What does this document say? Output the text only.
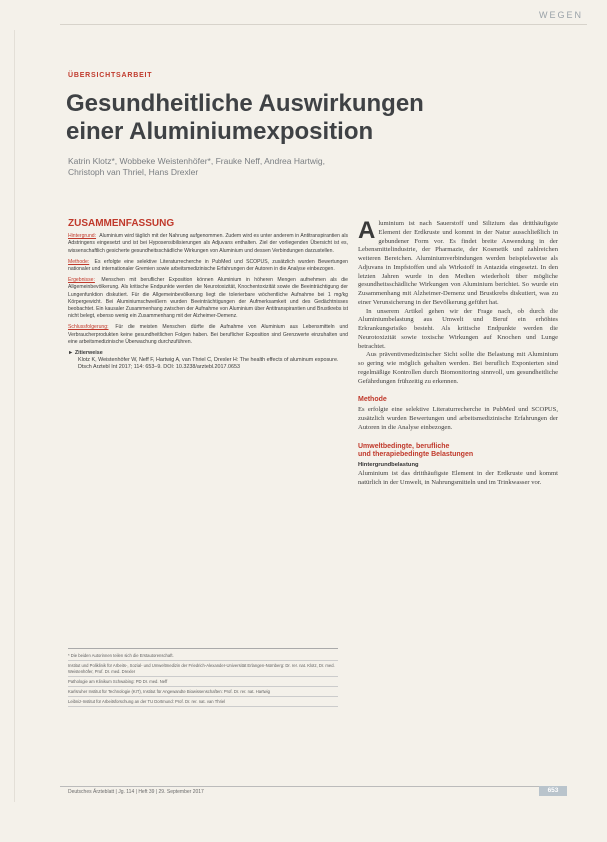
WEGEN
ÜBERSICHTSARBEIT
Gesundheitliche Auswirkungen
einer Aluminiumexposition
Katrin Klotz*, Wobbeke Weistenhöfer*, Frauke Neff, Andrea Hartwig,
Christoph van Thriel, Hans Drexler
ZUSAMMENFASSUNG

Hintergrund: Aluminium wird täglich mit der Nahrung aufgenommen. Zudem wird es unter anderem in Antitranspirantien als Adstringens eingesetzt und ist bei Hyposensibilisierungen als Adjuvans enthalten. Ziel der vorliegenden Übersicht ist es, wissenschaftlich gesicherte gesundheitsschädliche Wirkungen von Aluminium und dessen Verbindungen darzustellen.

Methode: Es erfolgte eine selektive Literaturrecherche in PubMed und SCOPUS, zusätzlich wurden Bewertungen nationaler und internationaler Gremien sowie arbeitsmedizinische Erfahrungen der Autoren in die Analyse einbezogen.

Ergebnisse: Menschen mit beruflicher Exposition können Aluminium in höheren Mengen aufnehmen als die Allgemeinbevölkerung. Als kritische Endpunkte werden die Neurotoxizität, Knochentoxizität sowie die Beeinträchtigung der Lungenfunktion diskutiert. Für die Allgemeinbevölkerung liegt die tolerierbare wöchentliche Aufnahme bei 1 mg/kg Körpergewicht. Bei Aluminiumschweißern wurden Beeinträchtigungen der Aufmerksamkeit und des Gedächtnisses beobachtet. Ein kausaler Zusammenhang zwischen der Aufnahme von Aluminium über Antitranspirantien und Brustkrebs ist nicht belegt, ebenso wenig ein Zusammenhang mit der Alzheimer-Demenz.

Schlussfolgerung: Für die meisten Menschen dürfte die Aufnahme von Aluminium aus Lebensmitteln und Verbraucherprodukten keine gesundheitlichen Folgen haben. Bei beruflicher Exposition sind Grenzwerte einzuhalten und eine arbeitsmedizinische Überwachung durchzuführen.

► Zitierweise
Klotz K, Weistenhöfer W, Neff F, Hartwig A, van Thriel C, Drexler H: The health effects of aluminum exposure. Dtsch Arztebl Int 2017; 114: 653–9. DOI: 10.3238/arztebl.2017.0653
* Die beiden Autorinnen teilen sich die Erstautorenschaft.
Institut und Poliklinik für Arbeits-, Sozial- und Umweltmedizin der Friedrich-Alexander-Universität Erlangen-Nürnberg: Dr. rer. nat. Klotz, Dr. med. Weistenhöfer, Prof. Dr. med. Drexler
Pathologie am Klinikum Schwabing: PD Dr. med. Neff
Karlsruher Institut für Technologie (KIT), Institut für Angewandte Biowissenschaften: Prof. Dr. rer. nat. Hartwig
Leibniz-Institut für Arbeitsforschung an der TU Dortmund: Prof. Dr. rer. nat. van Thriel

A luminium ist nach Sauerstoff und Silizium das dritthäufigste Element der Erdkruste und kommt in der Natur ausschließlich in gebundener Form vor. Es findet breite Anwendung in der Lebensmittelindustrie, der Pharmazie, der Kosmetik und zahlreichen weiteren Bereichen. Aluminiumverbindungen werden beispielsweise als Adjuvans in Impfstoffen und als Wirkstoff in Antazida eingesetzt. In den letzten Jahren wurde in den Medien wiederholt über mögliche gesundheitsschädliche Wirkungen von Aluminium berichtet. So wurde ein Zusammenhang mit Alzheimer-Demenz und Brustkrebs diskutiert, was zu einer Verunsicherung in der Bevölkerung geführt hat.

In unserem Artikel gehen wir der Frage nach, ob durch die Aluminiumbelastung aus Umwelt und Beruf ein erhöhtes Erkrankungsrisiko besteht. Als kritische Endpunkte werden die Neurotoxizität sowie toxische Wirkungen auf Knochen und Lunge betrachtet.

Aus präventivmedizinischer Sicht sollte die Belastung mit Aluminium so gering wie möglich gehalten werden. Bei beruflich Exponierten sind regelmäßige Kontrollen durch Biomonitoring sinnvoll, um gesundheitliche Gefährdungen frühzeitig zu erkennen.

Methode

Es erfolgte eine selektive Literaturrecherche in PubMed und SCOPUS, zusätzlich wurden Bewertungen und arbeitsmedizinische Erfahrungen der Autoren in die Analyse einbezogen.

Umweltbedingte, berufliche
und therapiebedingte Belastungen
Hintergrundbelastung

Aluminium ist das dritthäufigste Element in der Erdkruste und kommt natürlich in der Umwelt, in Nahrungsmitteln und im Trinkwasser vor.

Deutsches Ärzteblatt | Jg. 114 | Heft 39 | 29. September 2017	653
